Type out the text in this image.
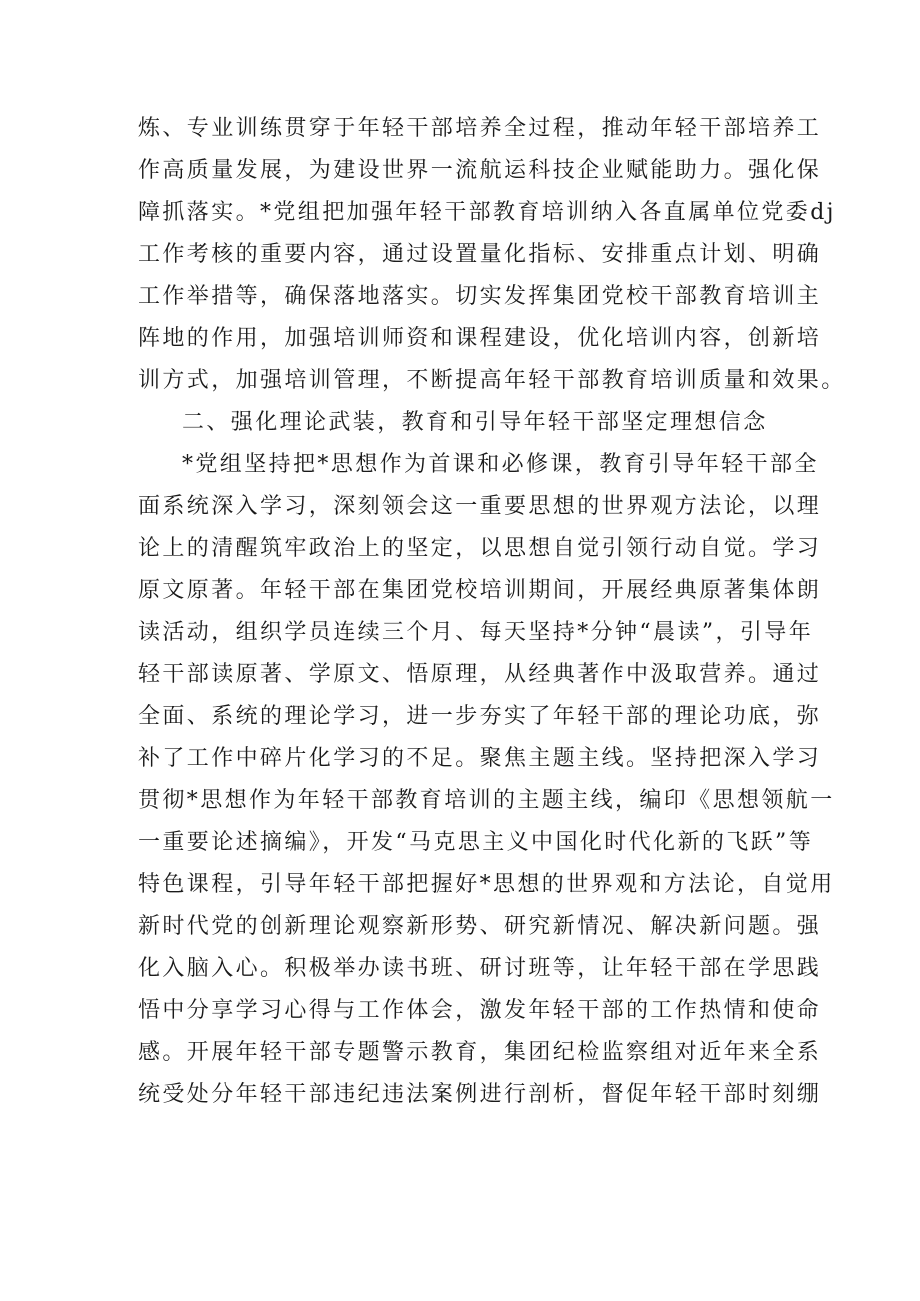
炼、专业训练贯穿于年轻干部培养全过程，推动年轻干部培养工
作高质量发展，为建设世界一流航运科技企业赋能助力。强化保
障抓落实。*党组把加强年轻干部教育培训纳入各直属单位党委dj
工作考核的重要内容，通过设置量化指标、安排重点计划、明确
工作举措等，确保落地落实。切实发挥集团党校干部教育培训主
阵地的作用，加强培训师资和课程建设，优化培训内容，创新培
训方式，加强培训管理，不断提高年轻干部教育培训质量和效果。
二、强化理论武装，教育和引导年轻干部坚定理想信念
*党组坚持把*思想作为首课和必修课，教育引导年轻干部全
面系统深入学习，深刻领会这一重要思想的世界观方法论，以理
论上的清醒筑牢政治上的坚定，以思想自觉引领行动自觉。学习
原文原著。年轻干部在集团党校培训期间，开展经典原著集体朗
读活动，组织学员连续三个月、每天坚持*分钟“晨读”，引导年
轻干部读原著、学原文、悟原理，从经典著作中汲取营养。通过
全面、系统的理论学习，进一步夯实了年轻干部的理论功底，弥
补了工作中碎片化学习的不足。聚焦主题主线。坚持把深入学习
贯彻*思想作为年轻干部教育培训的主题主线，编印《思想领航一
一重要论述摘编》，开发“马克思主义中国化时代化新的飞跃”等
特色课程，引导年轻干部把握好*思想的世界观和方法论，自觉用
新时代党的创新理论观察新形势、研究新情况、解决新问题。强
化入脑入心。积极举办读书班、研讨班等，让年轻干部在学思践
悟中分享学习心得与工作体会，激发年轻干部的工作热情和使命
感。开展年轻干部专题警示教育，集团纪检监察组对近年来全系
统受处分年轻干部违纪违法案例进行剖析，督促年轻干部时刻绷
